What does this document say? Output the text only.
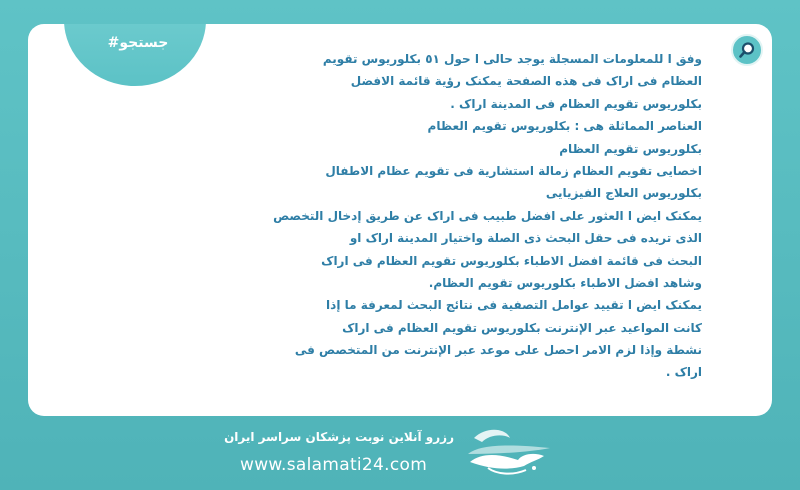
#جستجو
وفق ا للمعلومات المسجلة یوجد حالی ا حول ٥١ بکلوریوس تقویم
العظام فی اراک فی هذه الصفحة یمکنک رؤیة قائمة الافضل
بکلوریوس تقویم العظام فی المدینة اراک .
العناصر المماثلة هی : بکلوریوس تقویم العظام
بکلوریوس تقویم العظام
اخصایی تقویم العظام زمالة استشاریة فی تقویم عظام الاطفال
بکلوریوس العلاج الفیزیایی
یمکنک ایض ا العثور علی افضل طبیب فی اراک عن طریق إدخال التخصص
الذی تریده فی حقل البحث ذی الصلة واختیار المدینة اراک او
البحث فی قائمة افضل الاطباء بکلوریوس تقویم العظام فی اراک
وشاهد افضل الاطباء بکلوریوس تقویم العظام.
یمکنک ایض ا تقیید عوامل التصفیة فی نتائج البحث لمعرفة ما إذا
کانت المواعید عبر الإنترنت بکلوریوس تقویم العظام فی اراک
نشطة وإذا لزم الامر احصل علی موعد عبر الإنترنت من المتخصص فی
اراک .
رزرو آنلاین نوبت پزشکان سراسر ایران
www.salamati24.com
